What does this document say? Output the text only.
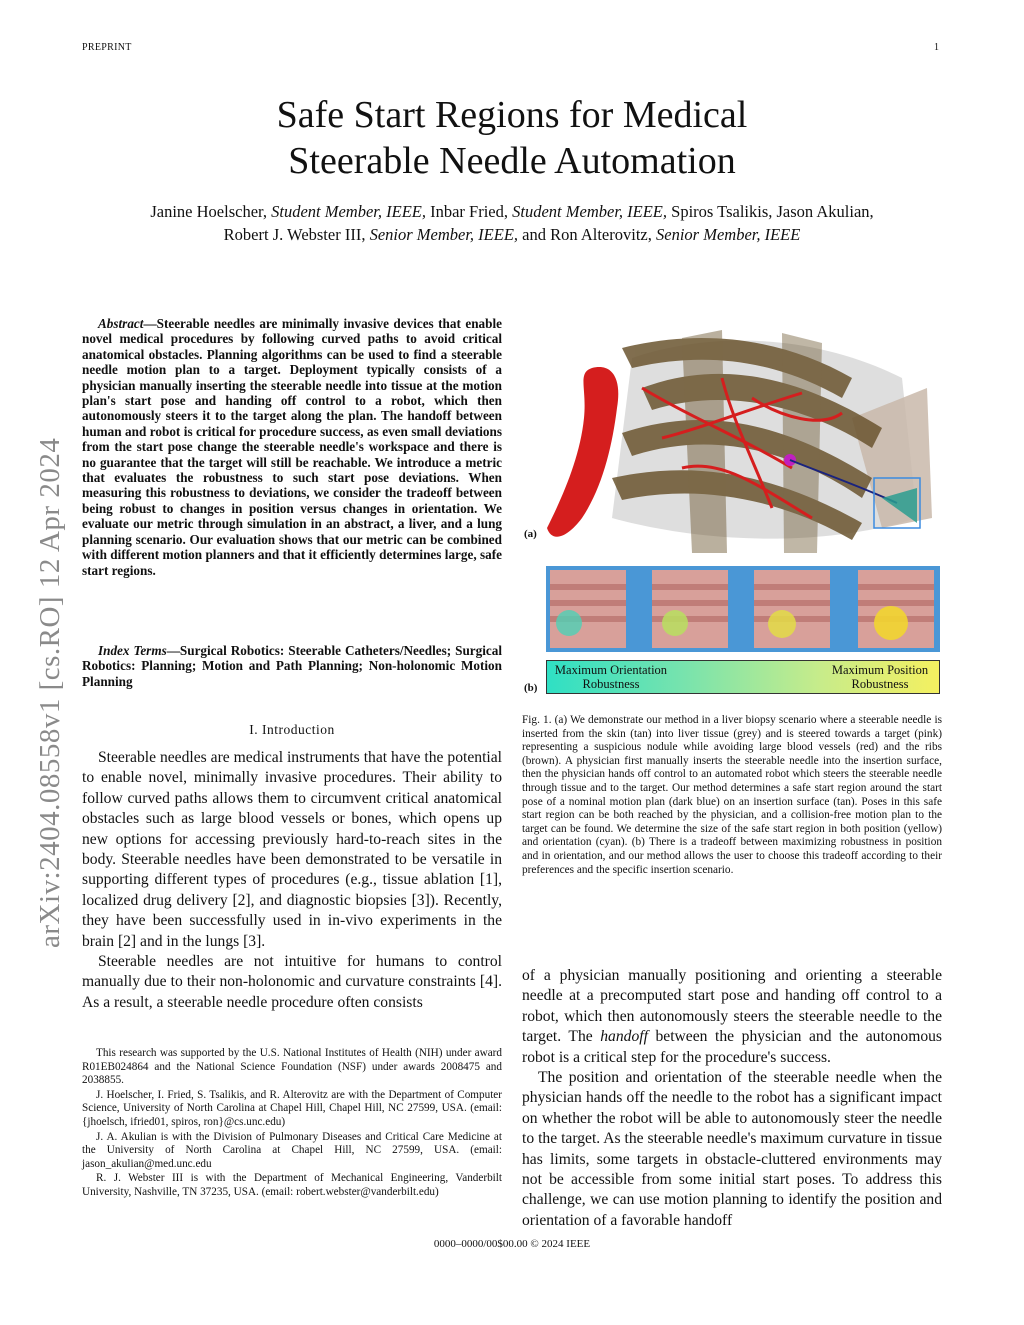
PREPRINT	1
Safe Start Regions for Medical
Steerable Needle Automation
Janine Hoelscher, Student Member, IEEE, Inbar Fried, Student Member, IEEE, Spiros Tsalikis, Jason Akulian,
Robert J. Webster III, Senior Member, IEEE, and Ron Alterovitz, Senior Member, IEEE
arXiv:2404.08558v1 [cs.RO] 12 Apr 2024
Abstract—Steerable needles are minimally invasive devices that enable novel medical procedures by following curved paths to avoid critical anatomical obstacles. Planning algorithms can be used to find a steerable needle motion plan to a target. Deployment typically consists of a physician manually inserting the steerable needle into tissue at the motion plan's start pose and handing off control to a robot, which then autonomously steers it to the target along the plan. The handoff between human and robot is critical for procedure success, as even small deviations from the start pose change the steerable needle's workspace and there is no guarantee that the target will still be reachable. We introduce a metric that evaluates the robustness to such start pose deviations. When measuring this robustness to deviations, we consider the tradeoff between being robust to changes in position versus changes in orientation. We evaluate our metric through simulation in an abstract, a liver, and a lung planning scenario. Our evaluation shows that our metric can be combined with different motion planners and that it efficiently determines large, safe start regions.
Index Terms—Surgical Robotics: Steerable Catheters/Needles; Surgical Robotics: Planning; Motion and Path Planning; Non-holonomic Motion Planning
I. Introduction

Steerable needles are medical instruments that have the potential to enable novel, minimally invasive procedures. Their ability to follow curved paths allows them to circumvent critical anatomical obstacles such as large blood vessels or bones, which opens up new options for accessing previously hard-to-reach sites in the body. Steerable needles have been demonstrated to be versatile in supporting different types of procedures (e.g., tissue ablation [1], localized drug delivery [2], and diagnostic biopsies [3]). Recently, they have been successfully used in in-vivo experiments in the brain [2] and in the lungs [3].

Steerable needles are not intuitive for humans to control manually due to their non-holonomic and curvature constraints [4]. As a result, a steerable needle procedure often consists

This research was supported by the U.S. National Institutes of Health (NIH) under award R01EB024864 and the National Science Foundation (NSF) under awards 2008475 and 2038855.

J. Hoelscher, I. Fried, S. Tsalikis, and R. Alterovitz are with the Department of Computer Science, University of North Carolina at Chapel Hill, Chapel Hill, NC 27599, USA. (email: {jhoelsch, ifried01, spiros, ron}@cs.unc.edu)

J. A. Akulian is with the Division of Pulmonary Diseases and Critical Care Medicine at the University of North Carolina at Chapel Hill, NC 27599, USA. (email: jason_akulian@med.unc.edu

R. J. Webster III is with the Department of Mechanical Engineering, Vanderbilt University, Nashville, TN 37235, USA. (email: robert.webster@vanderbilt.edu)

(a)
Maximum Orientation Robustness
Maximum Position Robustness
(b)
Fig. 1. (a) We demonstrate our method in a liver biopsy scenario where a steerable needle is inserted from the skin (tan) into liver tissue (grey) and is steered towards a target (pink) representing a suspicious nodule while avoiding large blood vessels (red) and the ribs (brown). A physician first manually inserts the steerable needle into the insertion surface, then the physician hands off control to an automated robot which steers the steerable needle through tissue and to the target. Our method determines a safe start region around the start pose of a nominal motion plan (dark blue) on an insertion surface (tan). Poses in this safe start region can be both reached by the physician, and a collision-free motion plan to the target can be found. We determine the size of the safe start region in both position (yellow) and orientation (cyan). (b) There is a tradeoff between maximizing robustness in position and in orientation, and our method allows the user to choose this tradeoff according to their preferences and the specific insertion scenario.

of a physician manually positioning and orienting a steerable needle at a precomputed start pose and handing off control to a robot, which then autonomously steers the steerable needle to the target. The handoff between the physician and the autonomous robot is a critical step for the procedure's success.

The position and orientation of the steerable needle when the physician hands off the needle to the robot has a significant impact on whether the robot will be able to autonomously steer the needle to the target. As the steerable needle's maximum curvature in tissue has limits, some targets in obstacle-cluttered environments may not be accessible from some initial start poses. To address this challenge, we can use motion planning to identify the position and orientation of a favorable handoff

0000–0000/00$00.00 © 2024 IEEE
